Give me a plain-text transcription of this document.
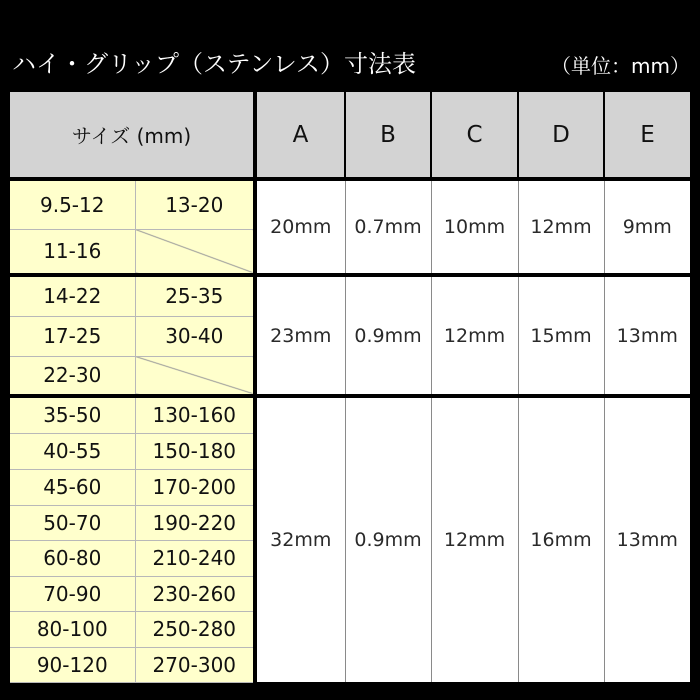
ハイ・グリップ（ステンレス）寸法表	（単位：mm）
サイズ (mm)		A	B	C	D	E
9.5-12	13-20	20mm	0.7mm	10mm	12mm	9mm
11-16						
14-22	25-35	23mm	0.9mm	12mm	15mm	13mm
17-25	30-40					
22-30						
35-50	130-160	32mm	0.9mm	12mm	16mm	13mm
40-55	150-180					
45-60	170-200					
50-70	190-220					
60-80	210-240					
70-90	230-260					
80-100	250-280					
90-120	270-300					
